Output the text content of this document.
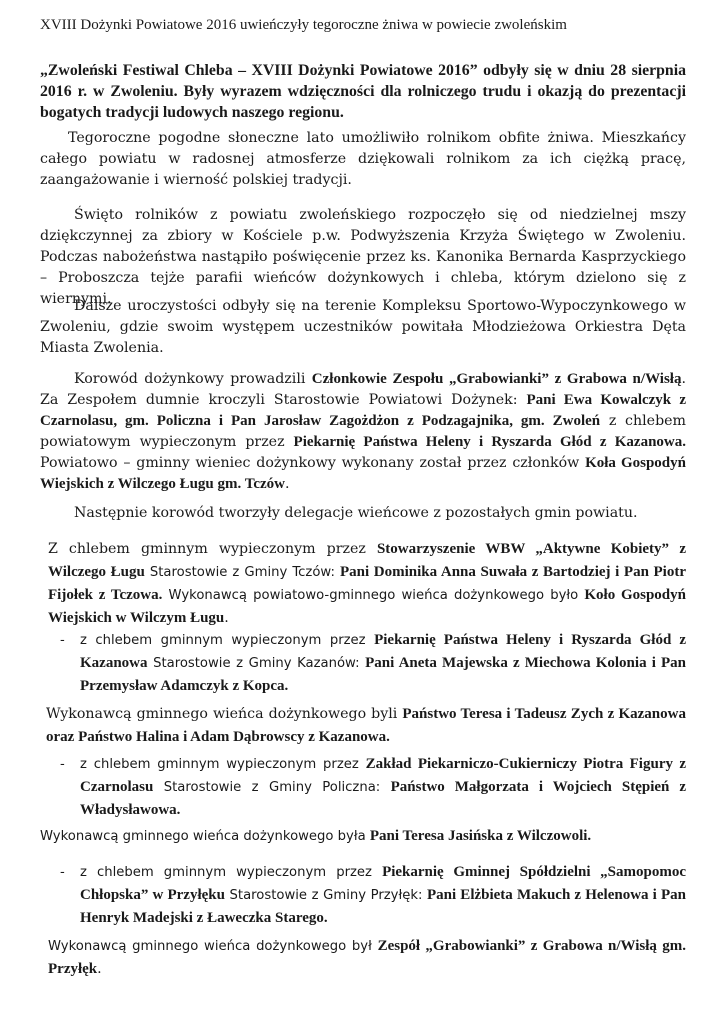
XVIII Dożynki Powiatowe 2016 uwieńczyły tegoroczne żniwa w powiecie zwoleńskim

„Zwoleński Festiwal Chleba – XVIII Dożynki Powiatowe 2016” odbyły się w dniu 28 sierpnia 2016 r. w Zwoleniu. Były wyrazem wdzięczności dla rolniczego trudu i okazją do prezentacji bogatych tradycji ludowych naszego regionu.

Tegoroczne pogodne słoneczne lato umożliwiło rolnikom obfite żniwa. Mieszkańcy całego powiatu w radosnej atmosferze dziękowali rolnikom za ich ciężką pracę, zaangażowanie i wierność polskiej tradycji.

Święto rolników z powiatu zwoleńskiego rozpoczęło się od niedzielnej mszy dziękczynnej za zbiory w Kościele p.w. Podwyższenia Krzyża Świętego w Zwoleniu. Podczas nabożeństwa nastąpiło poświęcenie przez ks. Kanonika Bernarda Kasprzyckiego – Proboszcza tejże parafii wieńców dożynkowych i chleba, którym dzielono się z wiernymi.

Dalsze uroczystości odbyły się na terenie Kompleksu Sportowo-Wypoczynkowego w Zwoleniu, gdzie swoim występem uczestników powitała Młodzieżowa Orkiestra Dęta Miasta Zwolenia.

Korowód dożynkowy prowadzili Członkowie Zespołu „Grabowianki” z Grabowa n/Wisłą. Za Zespołem dumnie kroczyli Starostowie Powiatowi Dożynek: Pani Ewa Kowalczyk z Czarnolasu, gm. Policzna i Pan Jarosław Zagożdżon z Podzagajnika, gm. Zwoleń z chlebem powiatowym wypieczonym przez Piekarnię Państwa Heleny i Ryszarda Głód z Kazanowa. Powiatowo – gminny wieniec dożynkowy wykonany został przez członków Koła Gospodyń Wiejskich z Wilczego Ługu gm. Tczów.

Następnie korowód tworzyły delegacje wieńcowe z pozostałych gmin powiatu.

Z chlebem gminnym wypieczonym przez Stowarzyszenie WBW „Aktywne Kobiety” z Wilczego Ługu Starostowie z Gminy Tczów: Pani Dominika Anna Suwała z Bartodziej i Pan Piotr Fijołek z Tczowa. Wykonawcą powiatowo-gminnego wieńca dożynkowego było Koło Gospodyń Wiejskich w Wilczym Ługu.

- z chlebem gminnym wypieczonym przez Piekarnię Państwa Heleny i Ryszarda Głód z Kazanowa Starostowie z Gminy Kazanów: Pani Aneta Majewska z Miechowa Kolonia i Pan Przemysław Adamczyk z Kopca.

Wykonawcą gminnego wieńca dożynkowego byli Państwo Teresa i Tadeusz Zych z Kazanowa oraz Państwo Halina i Adam Dąbrowscy z Kazanowa.

- z chlebem gminnym wypieczonym przez Zakład Piekarniczo-Cukierniczy Piotra Figury z Czarnolasu Starostowie z Gminy Policzna: Państwo Małgorzata i Wojciech Stępień z Władysławowa.

Wykonawcą gminnego wieńca dożynkowego była Pani Teresa Jasińska z Wilczowoli.

- z chlebem gminnym wypieczonym przez Piekarnię Gminnej Spółdzielni „Samopomoc Chłopska” w Przyłęku Starostowie z Gminy Przyłęk: Pani Elżbieta Makuch z Helenowa i Pan Henryk Madejski z Ławeczka Starego.

Wykonawcą gminnego wieńca dożynkowego był Zespół „Grabowianki” z Grabowa n/Wisłą gm. Przyłęk.
